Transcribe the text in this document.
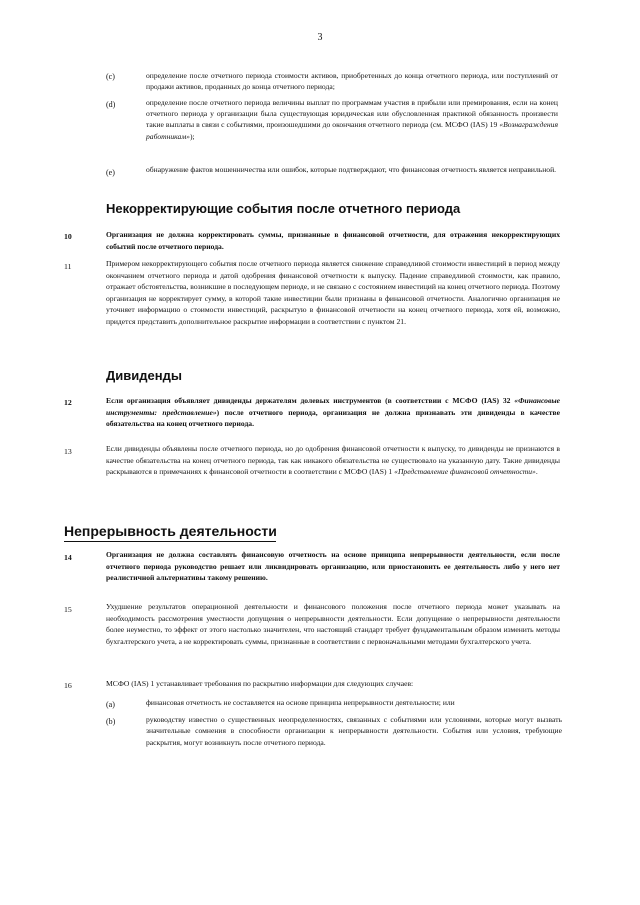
3
(c)	определение после отчетного периода стоимости активов, приобретенных до конца отчетного периода, или поступлений от продажи активов, проданных до конца отчетного периода;
(d)	определение после отчетного периода величины выплат по программам участия в прибыли или премирования, если на конец отчетного периода у организации была существующая юридическая или обусловленная практикой обязанность произвести такие выплаты в связи с событиями, произошедшими до окончания отчетного периода (см. МСФО (IAS) 19 «Вознаграждения работникам»);
(e)	обнаружение фактов мошенничества или ошибок, которые подтверждают, что финансовая отчетность является неправильной.
Некорректирующие события после отчетного периода
10	Организация не должна корректировать суммы, признанные в финансовой отчетности, для отражения некорректирующих событий после отчетного периода.
11	Примером некорректирующего события после отчетного периода является снижение справедливой стоимости инвестиций в период между окончанием отчетного периода и датой одобрения финансовой отчетности к выпуску. Падение справедливой стоимости, как правило, отражает обстоятельства, возникшие в последующем периоде, и не связано с состоянием инвестиций на конец отчетного периода. Поэтому организация не корректирует сумму, в которой такие инвестиции были признаны в финансовой отчетности. Аналогично организация не уточняет информацию о стоимости инвестиций, раскрытую в финансовой отчетности на конец отчетного периода, хотя ей, возможно, придется представить дополнительное раскрытие информации в соответствии с пунктом 21.
Дивиденды
12	Если организация объявляет дивиденды держателям долевых инструментов (в соответствии с МСФО (IAS) 32 «Финансовые инструменты: представление») после отчетного периода, организация не должна признавать эти дивиденды в качестве обязательства на конец отчетного периода.
13	Если дивиденды объявлены после отчетного периода, но до одобрения финансовой отчетности к выпуску, то дивиденды не признаются в качестве обязательства на конец отчетного периода, так как никакого обязательства не существовало на указанную дату. Такие дивиденды раскрываются в примечаниях к финансовой отчетности в соответствии с МСФО (IAS) 1 «Представление финансовой отчетности».
Непрерывность деятельности
14	Организация не должна составлять финансовую отчетность на основе принципа непрерывности деятельности, если после отчетного периода руководство решает или ликвидировать организацию, или приостановить ее деятельность либо у него нет реалистичной альтернативы такому решению.
15	Ухудшение результатов операционной деятельности и финансового положения после отчетного периода может указывать на необходимость рассмотрения уместности допущения о непрерывности деятельности. Если допущение о непрерывности деятельности более неуместно, то эффект от этого настолько значителен, что настоящий стандарт требует фундаментальным образом изменить методы бухгалтерского учета, а не корректировать суммы, признанные в соответствии с первоначальными методами бухгалтерского учета.
16	МСФО (IAS) 1 устанавливает требования по раскрытию информации для следующих случаев:
(a)	финансовая отчетность не составляется на основе принципа непрерывности деятельности; или
(b)	руководству известно о существенных неопределенностях, связанных с событиями или условиями, которые могут вызвать значительные сомнения в способности организации к непрерывности деятельности. События или условия, требующие раскрытия, могут возникнуть после отчетного периода.
